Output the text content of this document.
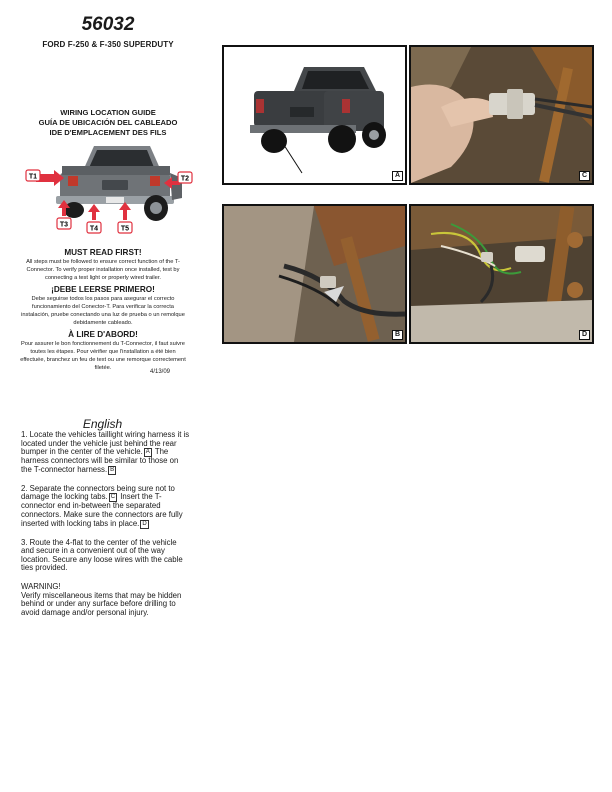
56032
FORD F-250 & F-350 SUPERDUTY
WIRING LOCATION GUIDE
GUÍA DE UBICACIÓN DEL CABLEADO
IDE D'EMPLACEMENT DES FILS
T1	T2
T3
T4	T5
MUST READ FIRST!

All steps must be followed to ensure correct function of the T-Connector. To verify proper installation once installed, test by connecting a test light or properly wired trailer.

¡DEBE LEERSE PRIMERO!

Debe seguirse todos los pasos para asegurar el correcto funcionamiento del Conector-T. Para verificar la correcta instalación, pruebe conectando una luz de prueba o un remolque debidamente cableado.

À LIRE D'ABORD!

Pour assurer le bon fonctionnement du T-Connector, il faut suivre toutes les étapes. Pour vérifier que l'installation a été bien effectuée, branchez un feu de text ou une remorque correctement filetée.

4/13/09
English

1. Locate the vehicles taillight wiring harness it is located under the vehicle just behind the rear bumper in the center of the vehicle. A The harness connectors will be similar to those on the T-connector harness. B

2. Separate the connectors being sure not to damage the locking tabs. C Insert the T-connector end in-between the separated connectors. Make sure the connectors are fully inserted with locking tabs in place. D

3. Route the 4-flat to the center of the vehicle and secure in a convenient out of the way location. Secure any loose wires with the cable ties provided.

WARNING!

Verify miscellaneous items that may be hidden behind or under any surface before drilling to avoid damage and/or personal injury.

A	C
B	D
